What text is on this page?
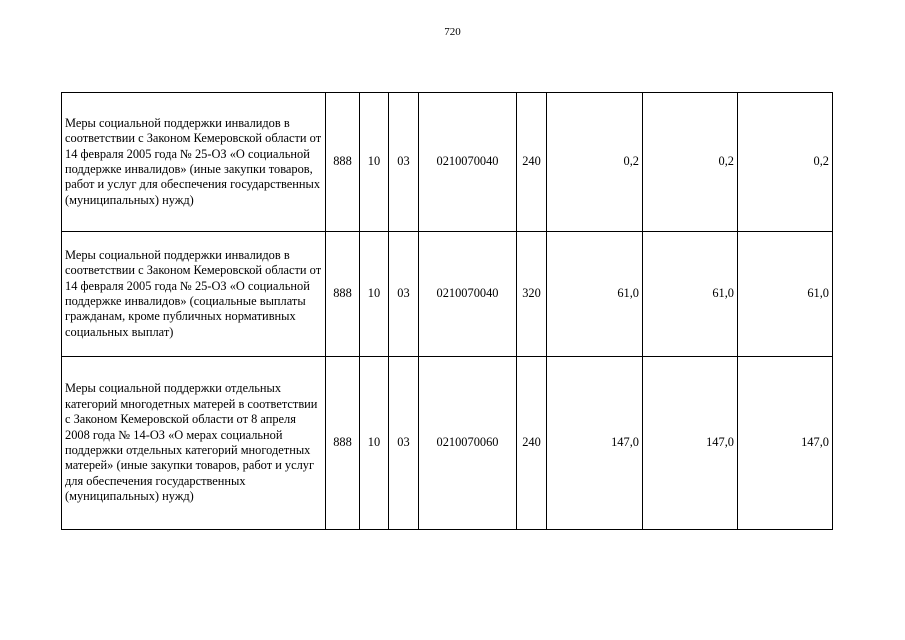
720
Меры социальной поддержки инвалидов в соответствии с Законом Кемеровской области от 14 февраля 2005 года № 25-ОЗ «О социальной поддержке инвалидов» (иные закупки товаров, работ и услуг для обеспечения государственных (муниципальных) нужд)	888	10	03	0210070040	240	0,2	0,2	0,2
Меры социальной поддержки инвалидов в соответствии с Законом Кемеровской области от 14 февраля 2005 года № 25-ОЗ «О социальной поддержке инвалидов» (социальные выплаты гражданам, кроме публичных нормативных социальных выплат)	888	10	03	0210070040	320	61,0	61,0	61,0
Меры социальной поддержки отдельных категорий многодетных матерей в соответствии с Законом Кемеровской области от 8 апреля 2008 года № 14-ОЗ «О мерах социальной поддержки отдельных категорий многодетных матерей» (иные закупки товаров, работ и услуг для обеспечения государственных (муниципальных) нужд)	888	10	03	0210070060	240	147,0	147,0	147,0
